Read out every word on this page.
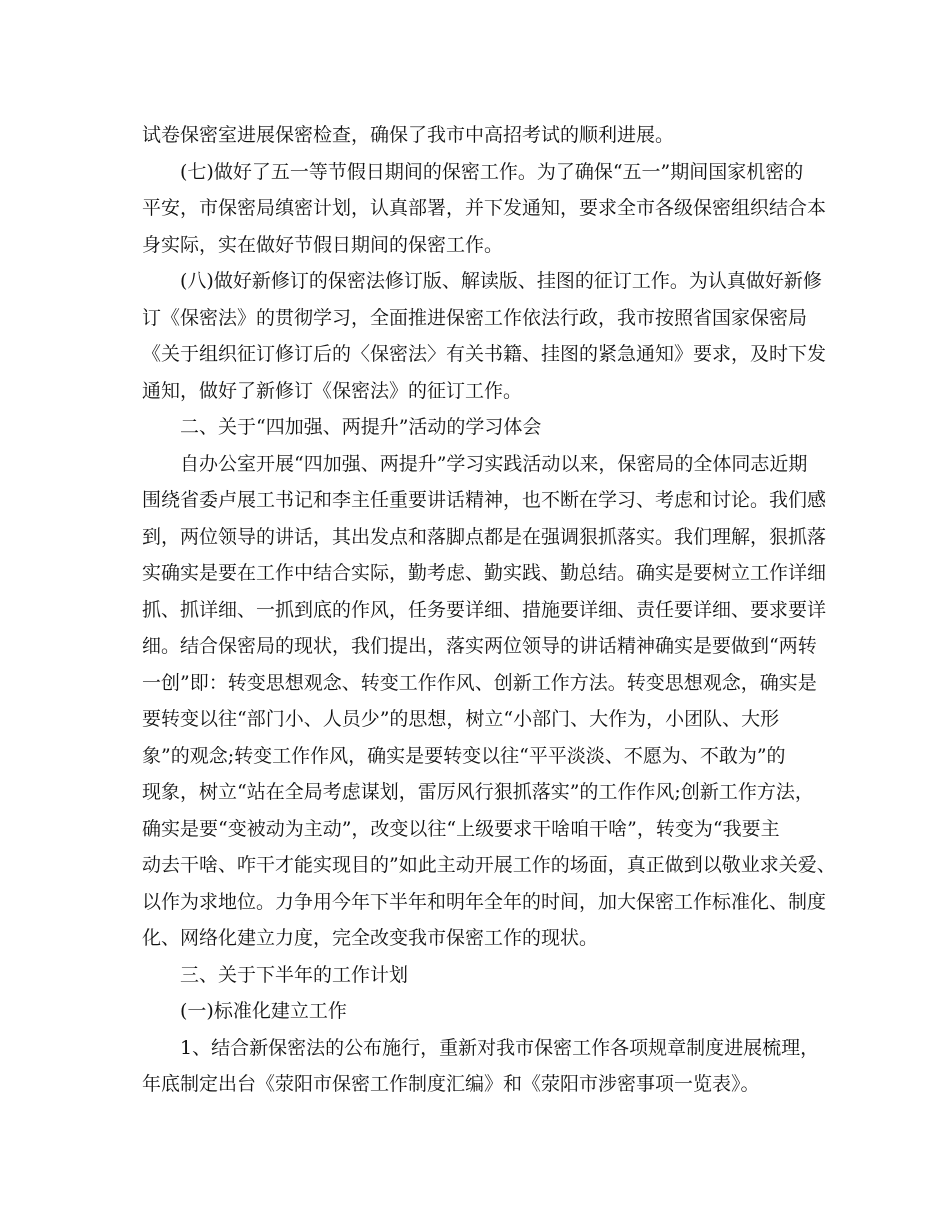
试卷保密室进展保密检查，确保了我市中高招考试的顺利进展。
(七)做好了五一等节假日期间的保密工作。为了确保“五一”期间国家机密的
平安，市保密局缜密计划，认真部署，并下发通知，要求全市各级保密组织结合本
身实际，实在做好节假日期间的保密工作。
(八)做好新修订的保密法修订版、解读版、挂图的征订工作。为认真做好新修
订《保密法》的贯彻学习，全面推进保密工作依法行政，我市按照省国家保密局
《关于组织征订修订后的〈保密法〉有关书籍、挂图的紧急通知》要求，及时下发
通知，做好了新修订《保密法》的征订工作。
二、关于“四加强、两提升”活动的学习体会
自办公室开展“四加强、两提升”学习实践活动以来，保密局的全体同志近期
围绕省委卢展工书记和李主任重要讲话精神，也不断在学习、考虑和讨论。我们感
到，两位领导的讲话，其出发点和落脚点都是在强调狠抓落实。我们理解，狠抓落
实确实是要在工作中结合实际，勤考虑、勤实践、勤总结。确实是要树立工作详细
抓、抓详细、一抓到底的作风，任务要详细、措施要详细、责任要详细、要求要详
细。结合保密局的现状，我们提出，落实两位领导的讲话精神确实是要做到“两转
一创”即：转变思想观念、转变工作作风、创新工作方法。转变思想观念，确实是
要转变以往“部门小、人员少”的思想，树立“小部门、大作为，小团队、大形
象”的观念;转变工作作风，确实是要转变以往“平平淡淡、不愿为、不敢为”的
现象，树立“站在全局考虑谋划，雷厉风行狠抓落实”的工作作风;创新工作方法，
确实是要“变被动为主动”，改变以往“上级要求干啥咱干啥”，转变为“我要主
动去干啥、咋干才能实现目的”如此主动开展工作的场面，真正做到以敬业求关爱、
以作为求地位。力争用今年下半年和明年全年的时间，加大保密工作标准化、制度
化、网络化建立力度，完全改变我市保密工作的现状。
三、关于下半年的工作计划
(一)标准化建立工作
1、结合新保密法的公布施行，重新对我市保密工作各项规章制度进展梳理，
年底制定出台《荥阳市保密工作制度汇编》和《荥阳市涉密事项一览表》。
